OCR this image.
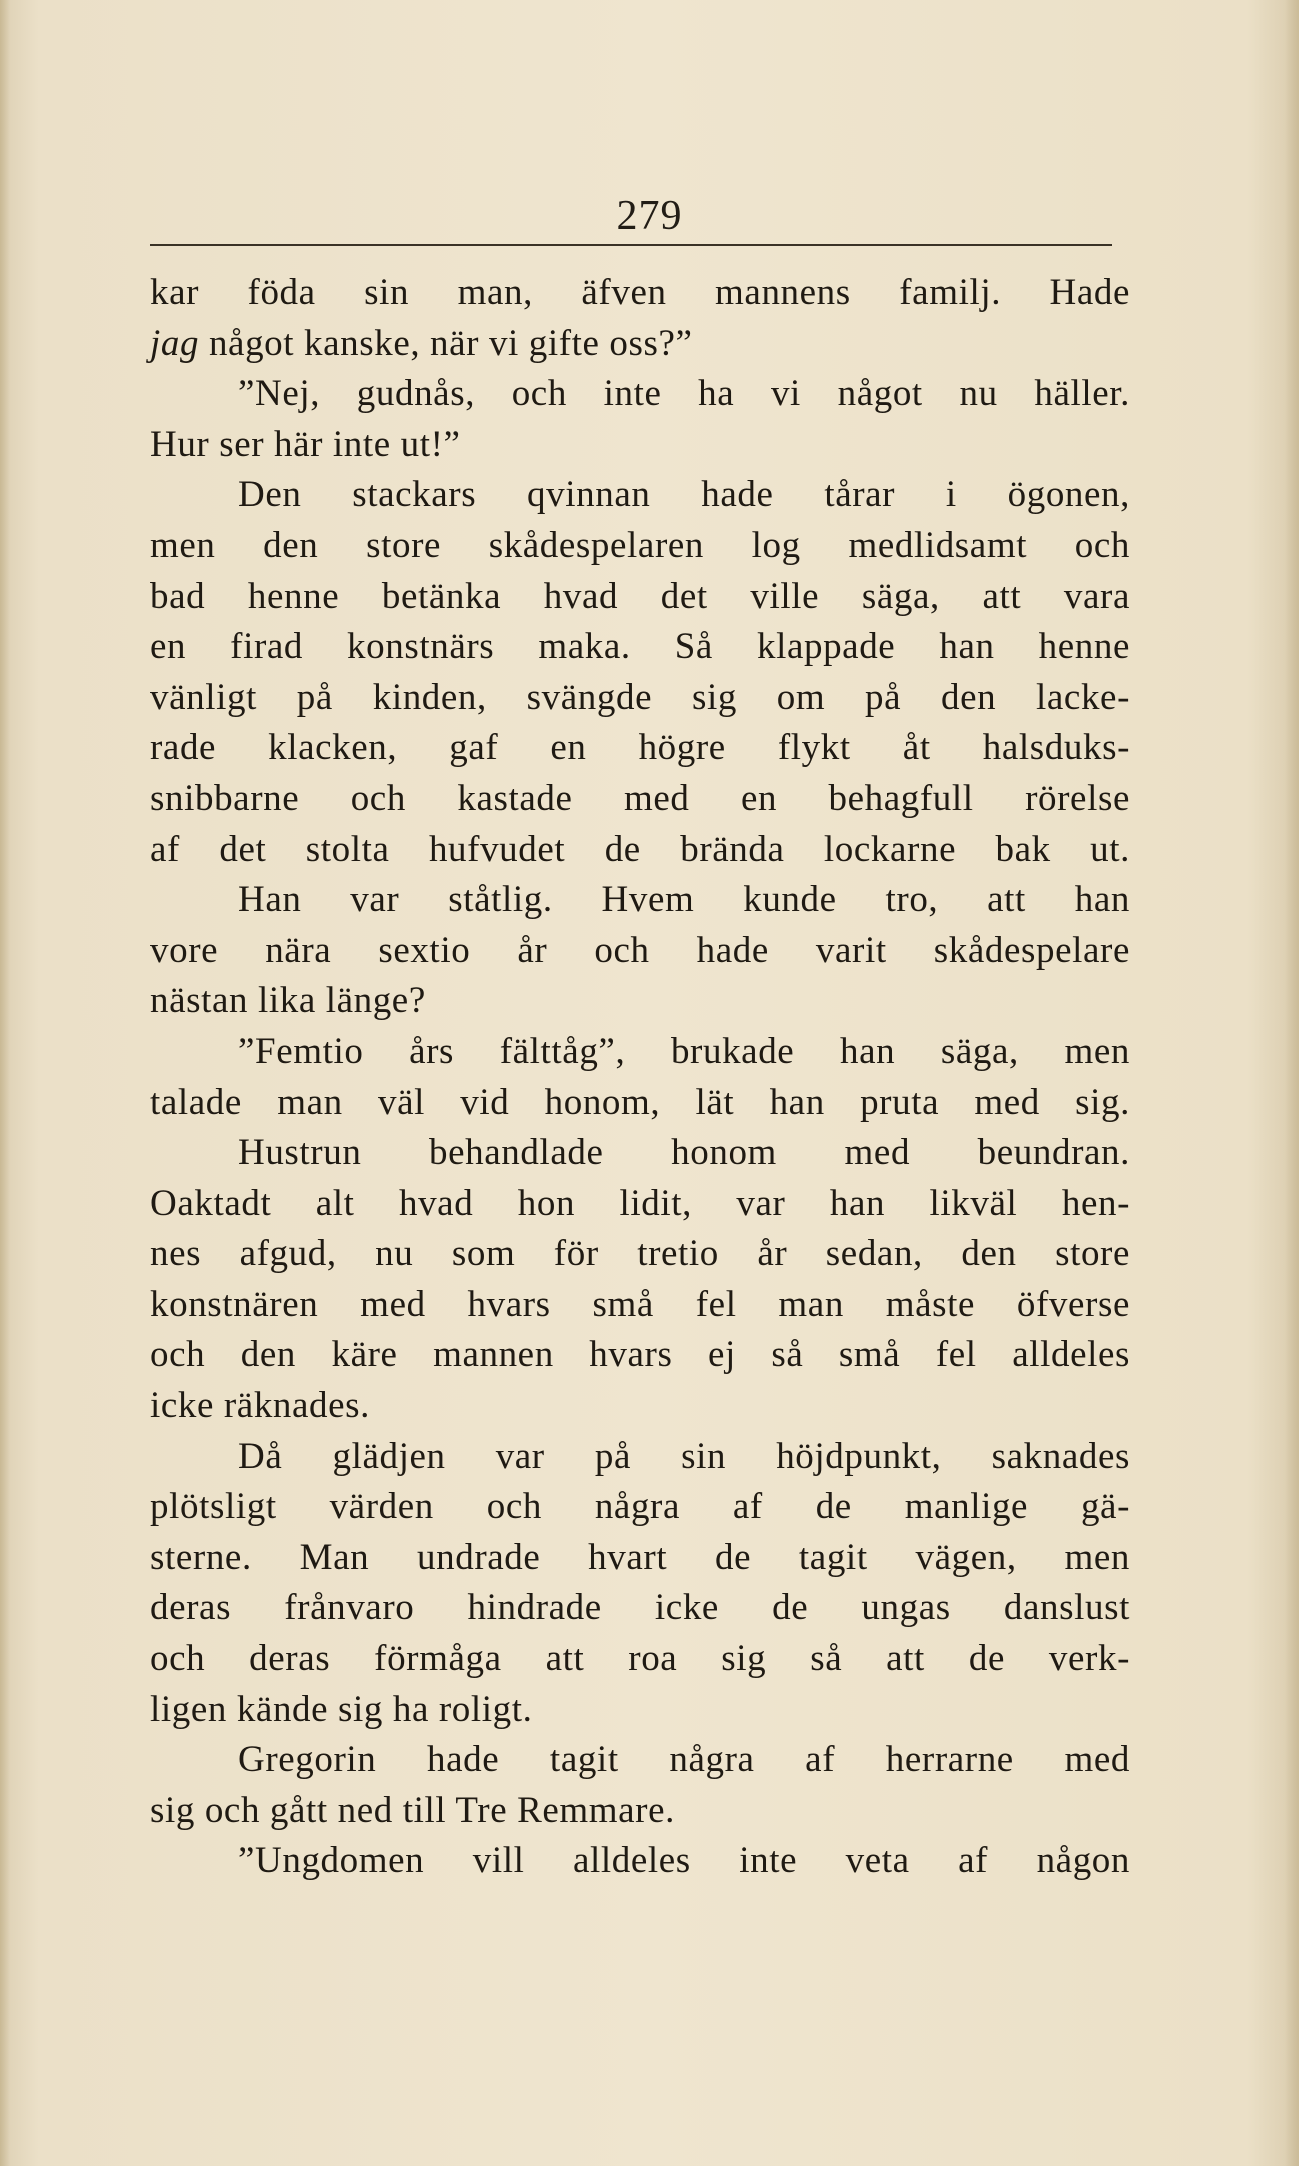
279
kar föda sin man, äfven mannens familj. Hade
jag något kanske, när vi gifte oss?”
”Nej, gudnås, och inte ha vi något nu häller.
Hur ser här inte ut!”
Den stackars qvinnan hade tårar i ögonen,
men den store skådespelaren log medlidsamt och
bad henne betänka hvad det ville säga, att vara
en firad konstnärs maka. Så klappade han henne
vänligt på kinden, svängde sig om på den lacke-
rade klacken, gaf en högre flykt åt halsduks-
snibbarne och kastade med en behagfull rörelse
af det stolta hufvudet de brända lockarne bak ut.
Han var ståtlig. Hvem kunde tro, att han
vore nära sextio år och hade varit skådespelare
nästan lika länge?
”Femtio års fälttåg”, brukade han säga, men
talade man väl vid honom, lät han pruta med sig.
Hustrun behandlade honom med beundran.
Oaktadt alt hvad hon lidit, var han likväl hen-
nes afgud, nu som för tretio år sedan, den store
konstnären med hvars små fel man måste öfverse
och den käre mannen hvars ej så små fel alldeles
icke räknades.
Då glädjen var på sin höjdpunkt, saknades
plötsligt värden och några af de manlige gä-
sterne. Man undrade hvart de tagit vägen, men
deras frånvaro hindrade icke de ungas danslust
och deras förmåga att roa sig så att de verk-
ligen kände sig ha roligt.
Gregorin hade tagit några af herrarne med
sig och gått ned till Tre Remmare.
”Ungdomen vill alldeles inte veta af någon
